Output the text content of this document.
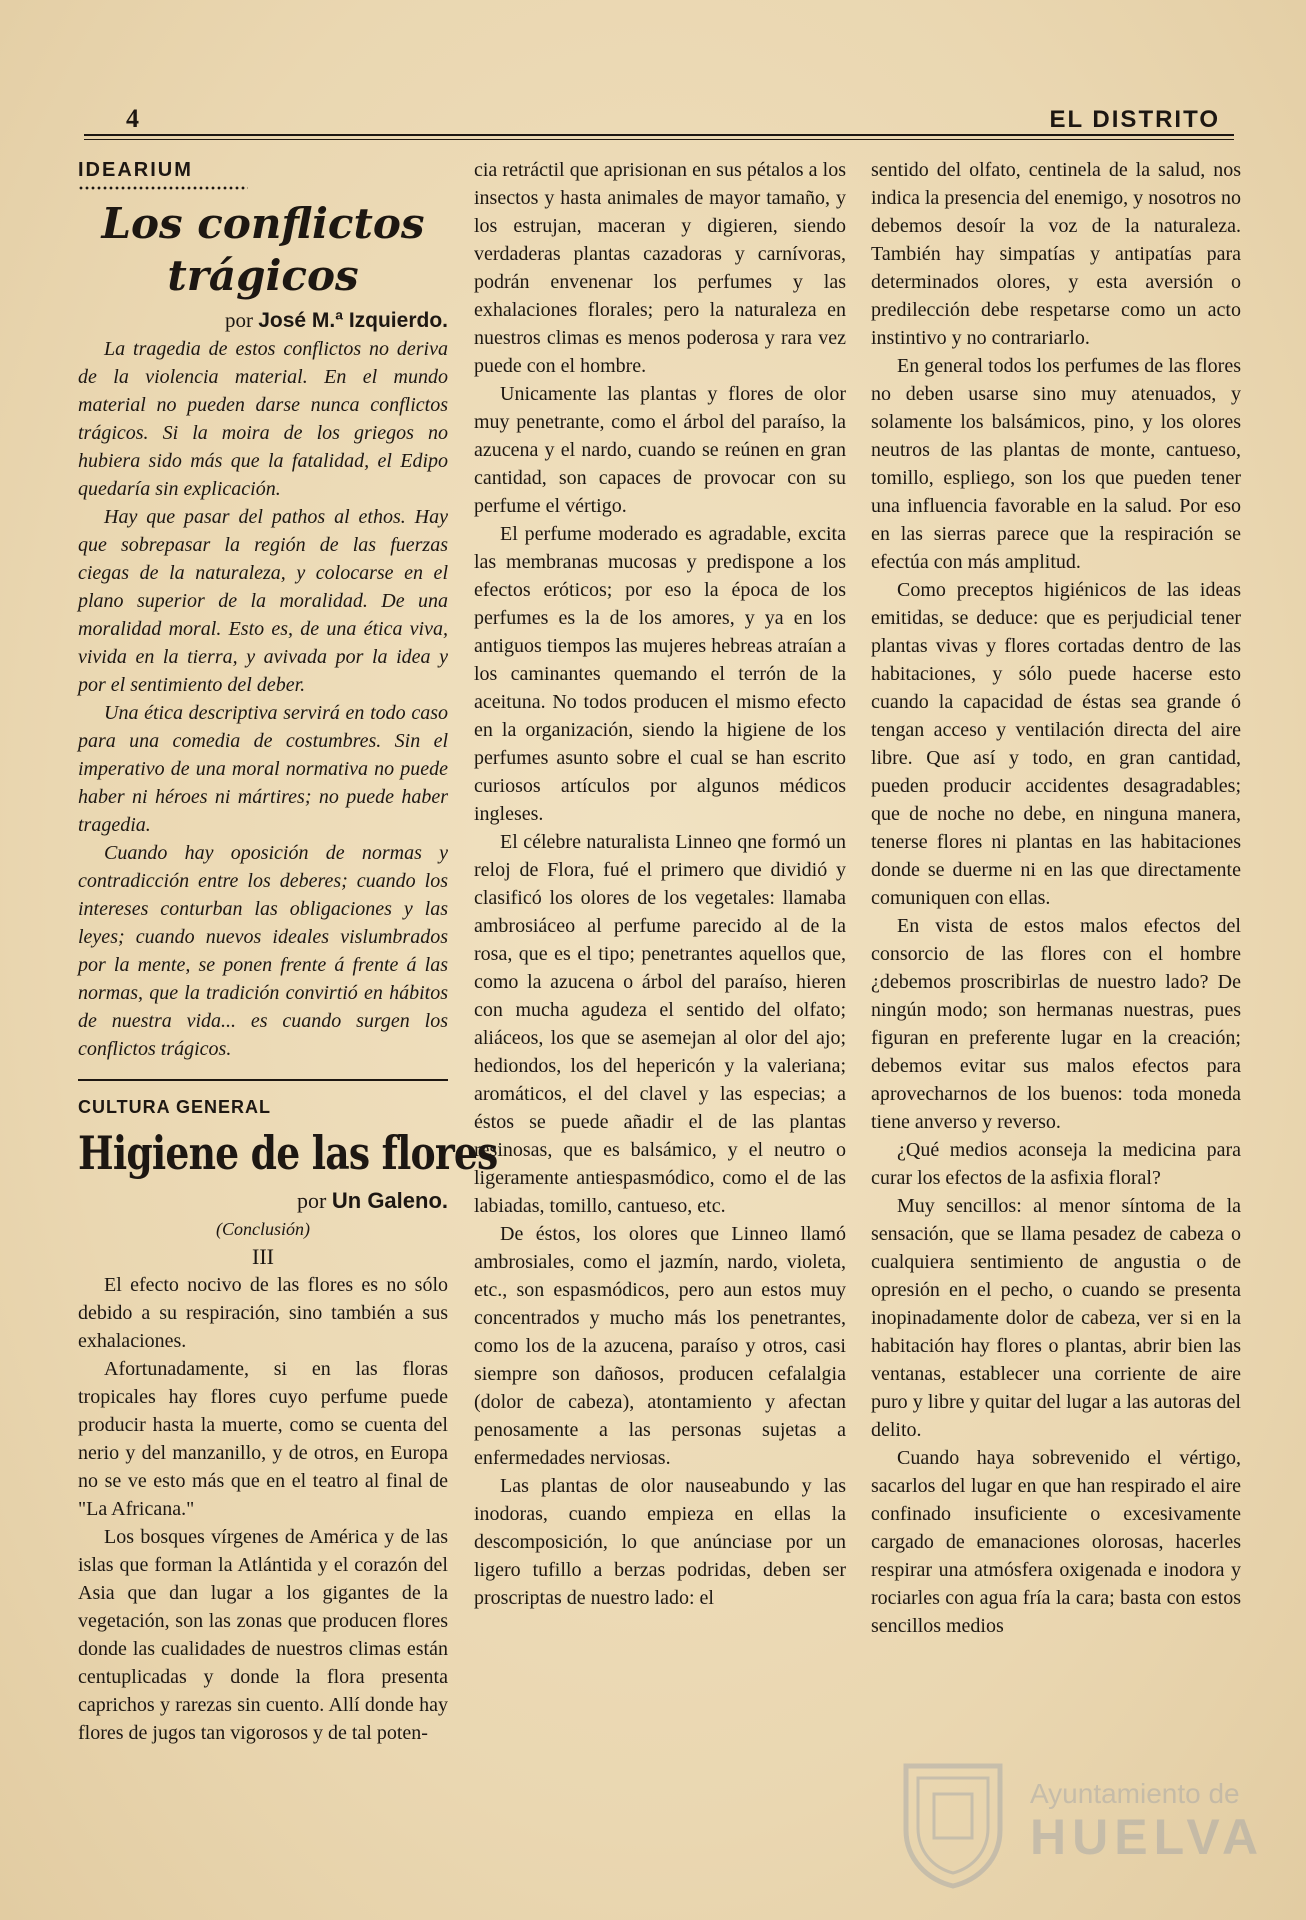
4	EL DISTRITO

IDEARIUM

Los conflictos trágicos

por José M.ª Izquierdo.

La tragedia de estos conflictos no deriva de la violencia material. En el mundo material no pueden darse nunca conflictos trágicos. Si la moira de los griegos no hubiera sido más que la fatalidad, el Edipo quedaría sin explicación.

Hay que pasar del pathos al ethos. Hay que sobrepasar la región de las fuerzas ciegas de la naturaleza, y colocarse en el plano superior de la moralidad. De una moralidad moral. Esto es, de una ética viva, vivida en la tierra, y avivada por la idea y por el sentimiento del deber.

Una ética descriptiva servirá en todo caso para una comedia de costumbres. Sin el imperativo de una moral normativa no puede haber ni héroes ni mártires; no puede haber tragedia.

Cuando hay oposición de normas y contradicción entre los deberes; cuando los intereses conturban las obligaciones y las leyes; cuando nuevos ideales vislumbrados por la mente, se ponen frente á frente á las normas, que la tradición convirtió en hábitos de nuestra vida... es cuando surgen los conflictos trágicos.

CULTURA GENERAL

Higiene de las flores

por Un Galeno.

(Conclusión)

III

El efecto nocivo de las flores es no sólo debido a su respiración, sino también a sus exhalaciones.

Afortunadamente, si en las floras tropicales hay flores cuyo perfume puede producir hasta la muerte, como se cuenta del nerio y del manzanillo, y de otros, en Europa no se ve esto más que en el teatro al final de "La Africana."

Los bosques vírgenes de América y de las islas que forman la Atlántida y el corazón del Asia que dan lugar a los gigantes de la vegetación, son las zonas que producen flores donde las cualidades de nuestros climas están centuplicadas y donde la flora presenta caprichos y rarezas sin cuento. Allí donde hay flores de jugos tan vigorosos y de tal poten-

cia retráctil que aprisionan en sus pétalos a los insectos y hasta animales de mayor tamaño, y los estrujan, maceran y digieren, siendo verdaderas plantas cazadoras y carnívoras, podrán envenenar los perfumes y las exhalaciones florales; pero la naturaleza en nuestros climas es menos poderosa y rara vez puede con el hombre.

Unicamente las plantas y flores de olor muy penetrante, como el árbol del paraíso, la azucena y el nardo, cuando se reúnen en gran cantidad, son capaces de provocar con su perfume el vértigo.

El perfume moderado es agradable, excita las membranas mucosas y predispone a los efectos eróticos; por eso la época de los perfumes es la de los amores, y ya en los antiguos tiempos las mujeres hebreas atraían a los caminantes quemando el terrón de la aceituna. No todos producen el mismo efecto en la organización, siendo la higiene de los perfumes asunto sobre el cual se han escrito curiosos artículos por algunos médicos ingleses.

El célebre naturalista Linneo qne formó un reloj de Flora, fué el primero que dividió y clasificó los olores de los vegetales: llamaba ambrosiáceo al perfume parecido al de la rosa, que es el tipo; penetrantes aquellos que, como la azucena o árbol del paraíso, hieren con mucha agudeza el sentido del olfato; aliáceos, los que se asemejan al olor del ajo; hediondos, los del hepericón y la valeriana; aromáticos, el del clavel y las especias; a éstos se puede añadir el de las plantas resinosas, que es balsámico, y el neutro o ligeramente antiespasmódico, como el de las labiadas, tomillo, cantueso, etc.

De éstos, los olores que Linneo llamó ambrosiales, como el jazmín, nardo, violeta, etc., son espasmódicos, pero aun estos muy concentrados y mucho más los penetrantes, como los de la azucena, paraíso y otros, casi siempre son dañosos, producen cefalalgia (dolor de cabeza), atontamiento y afectan penosamente a las personas sujetas a enfermedades nerviosas.

Las plantas de olor nauseabundo y las inodoras, cuando empieza en ellas la descomposición, lo que anúnciase por un ligero tufillo a berzas podridas, deben ser proscriptas de nuestro lado: el

sentido del olfato, centinela de la salud, nos indica la presencia del enemigo, y nosotros no debemos desoír la voz de la naturaleza. También hay simpatías y antipatías para determinados olores, y esta aversión o predilección debe respetarse como un acto instintivo y no contrariarlo.

En general todos los perfumes de las flores no deben usarse sino muy atenuados, y solamente los balsámicos, pino, y los olores neutros de las plantas de monte, cantueso, tomillo, espliego, son los que pueden tener una influencia favorable en la salud. Por eso en las sierras parece que la respiración se efectúa con más amplitud.

Como preceptos higiénicos de las ideas emitidas, se deduce: que es perjudicial tener plantas vivas y flores cortadas dentro de las habitaciones, y sólo puede hacerse esto cuando la capacidad de éstas sea grande ó tengan acceso y ventilación directa del aire libre. Que así y todo, en gran cantidad, pueden producir accidentes desagradables; que de noche no debe, en ninguna manera, tenerse flores ni plantas en las habitaciones donde se duerme ni en las que directamente comuniquen con ellas.

En vista de estos malos efectos del consorcio de las flores con el hombre ¿debemos proscribirlas de nuestro lado? De ningún modo; son hermanas nuestras, pues figuran en preferente lugar en la creación; debemos evitar sus malos efectos para aprovecharnos de los buenos: toda moneda tiene anverso y reverso.

¿Qué medios aconseja la medicina para curar los efectos de la asfixia floral?

Muy sencillos: al menor síntoma de la sensación, que se llama pesadez de cabeza o cualquiera sentimiento de angustia o de opresión en el pecho, o cuando se presenta inopinadamente dolor de cabeza, ver si en la habitación hay flores o plantas, abrir bien las ventanas, establecer una corriente de aire puro y libre y quitar del lugar a las autoras del delito.

Cuando haya sobrevenido el vértigo, sacarlos del lugar en que han respirado el aire confinado insuficiente o excesivamente cargado de emanaciones olorosas, hacerles respirar una atmósfera oxigenada e inodora y rociarles con agua fría la cara; basta con estos sencillos medios

Ayuntamiento de
HUELVA
